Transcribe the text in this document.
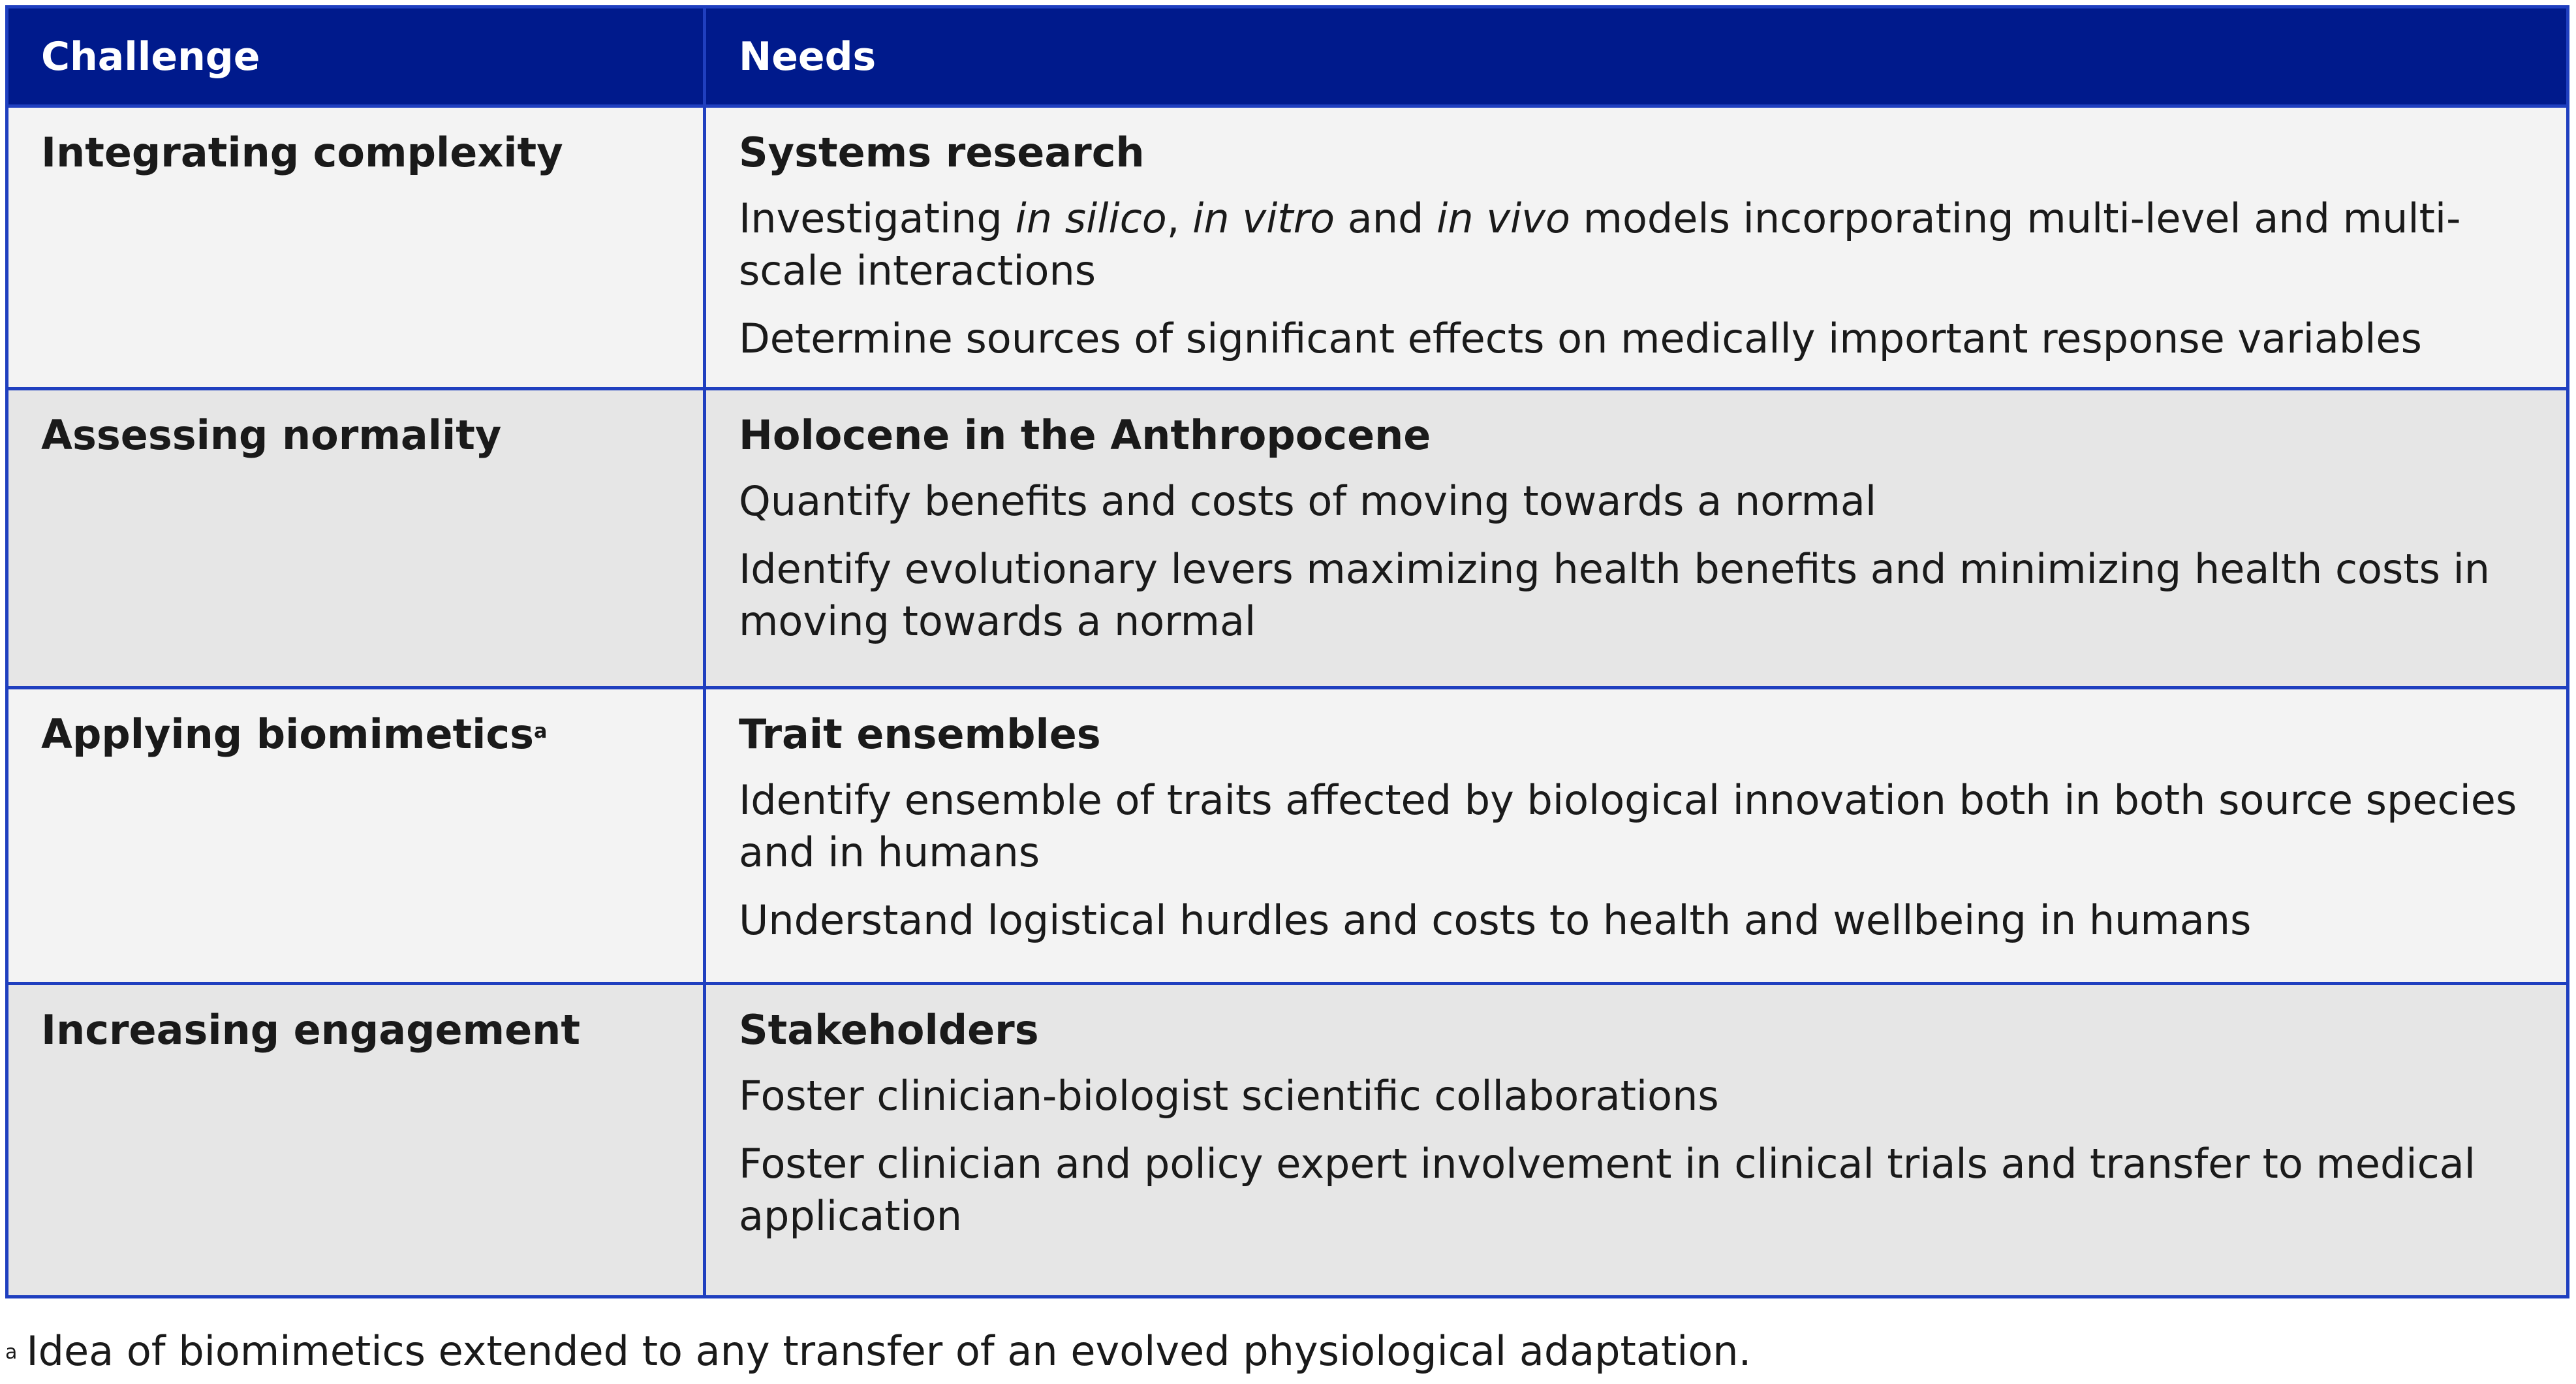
Challenge	Needs
Integrating complexity	Systems research
Investigating in silico, in vitro and in vivo models incorporating multi-level and multi-scale interactions
Determine sources of significant effects on medically important response variables
Assessing normality	Holocene in the Anthropocene
Quantify benefits and costs of moving towards a normal
Identify evolutionary levers maximizing health benefits and minimizing health costs in moving towards a normal
Applying biomimetics$^a$	Trait ensembles
Identify ensemble of traits affected by biological innovation both in both source species and in humans
Understand logistical hurdles and costs to health and wellbeing in humans
Increasing engagement	Stakeholders
Foster clinician-biologist scientific collaborations
Foster clinician and policy expert involvement in clinical trials and transfer to medical application
$^a$ Idea of biomimetics extended to any transfer of an evolved physiological adaptation.
